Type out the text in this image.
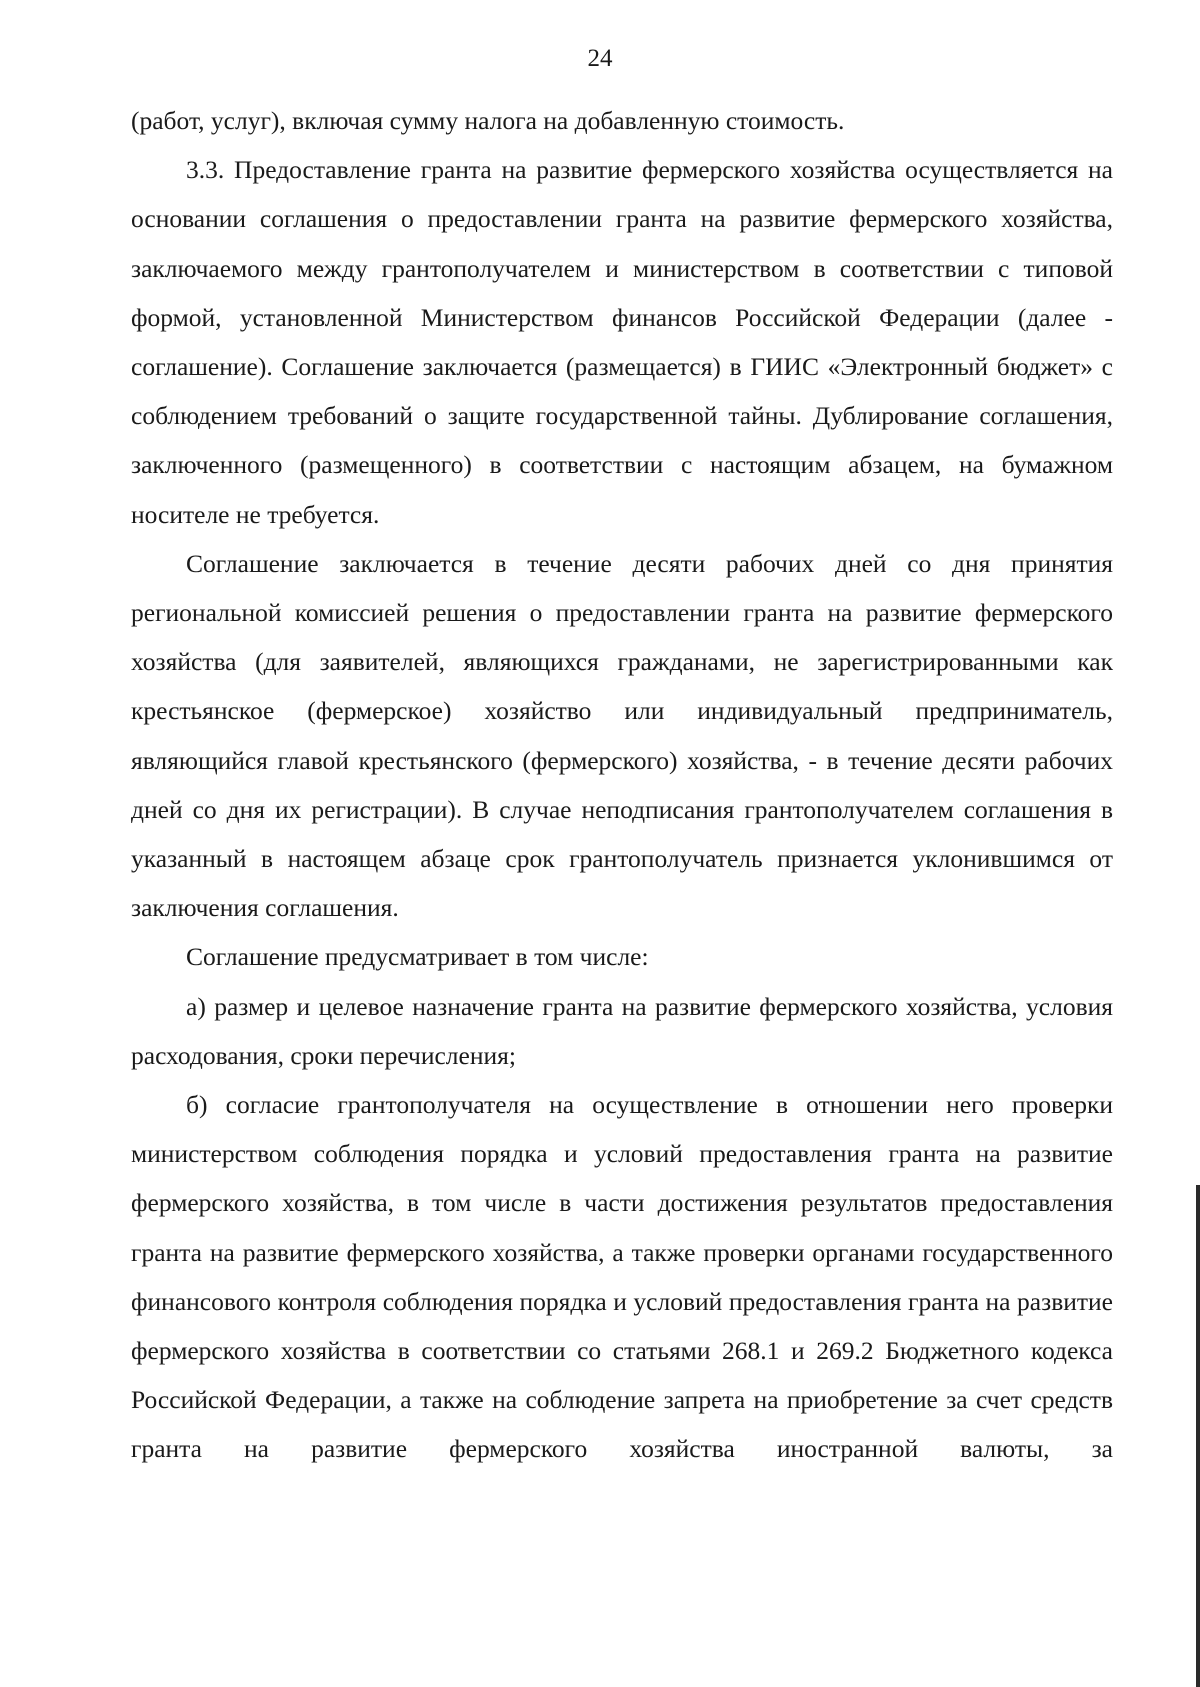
24

(работ, услуг), включая сумму налога на добавленную стоимость.

3.3. Предоставление гранта на развитие фермерского хозяйства осуществляется на основании соглашения о предоставлении гранта на развитие фермерского хозяйства, заключаемого между грантополучателем и министерством в соответствии с типовой формой, установленной Министерством финансов Российской Федерации (далее - соглашение). Соглашение заключается (размещается) в ГИИС «Электронный бюджет» с соблюдением требований о защите государственной тайны. Дублирование соглашения, заключенного (размещенного) в соответствии с настоящим абзацем, на бумажном носителе не требуется.

Соглашение заключается в течение десяти рабочих дней со дня принятия региональной комиссией решения о предоставлении гранта на развитие фермерского хозяйства (для заявителей, являющихся гражданами, не зарегистрированными как крестьянское (фермерское) хозяйство или индивидуальный предприниматель, являющийся главой крестьянского (фермерского) хозяйства, - в течение десяти рабочих дней со дня их регистрации). В случае неподписания грантополучателем соглашения в указанный в настоящем абзаце срок грантополучатель признается уклонившимся от заключения соглашения.

Соглашение предусматривает в том числе:

а) размер и целевое назначение гранта на развитие фермерского хозяйства, условия расходования, сроки перечисления;

б) согласие грантополучателя на осуществление в отношении него проверки министерством соблюдения порядка и условий предоставления гранта на развитие фермерского хозяйства, в том числе в части достижения результатов предоставления гранта на развитие фермерского хозяйства, а также проверки органами государственного финансового контроля соблюдения порядка и условий предоставления гранта на развитие фермерского хозяйства в соответствии со статьями 268.1 и 269.2 Бюджетного кодекса Российской Федерации, а также на соблюдение запрета на приобретение за счет средств гранта на развитие фермерского хозяйства иностранной валюты, за
